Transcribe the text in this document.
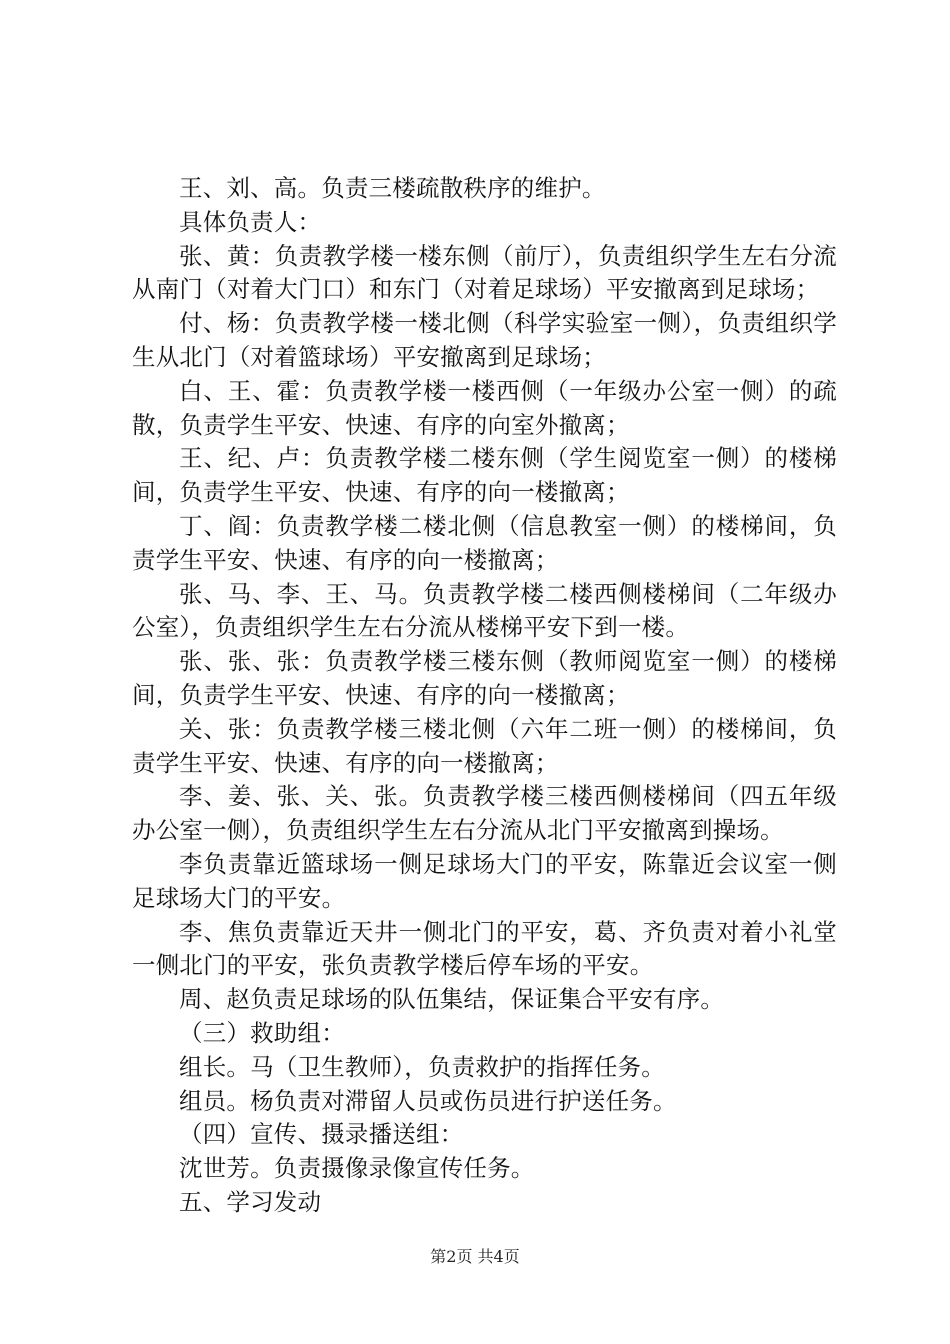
王、刘、高。负责三楼疏散秩序的维护。

具体负责人：

张、黄：负责教学楼一楼东侧（前厅），负责组织学生左右分流从南门（对着大门口）和东门（对着足球场）平安撤离到足球场；

付、杨：负责教学楼一楼北侧（科学实验室一侧），负责组织学生从北门（对着篮球场）平安撤离到足球场；

白、王、霍：负责教学楼一楼西侧（一年级办公室一侧）的疏散，负责学生平安、快速、有序的向室外撤离；

王、纪、卢：负责教学楼二楼东侧（学生阅览室一侧）的楼梯间，负责学生平安、快速、有序的向一楼撤离；

丁、阎：负责教学楼二楼北侧（信息教室一侧）的楼梯间，负责学生平安、快速、有序的向一楼撤离；

张、马、李、王、马。负责教学楼二楼西侧楼梯间（二年级办公室），负责组织学生左右分流从楼梯平安下到一楼。

张、张、张：负责教学楼三楼东侧（教师阅览室一侧）的楼梯间，负责学生平安、快速、有序的向一楼撤离；

关、张：负责教学楼三楼北侧（六年二班一侧）的楼梯间，负责学生平安、快速、有序的向一楼撤离；

李、姜、张、关、张。负责教学楼三楼西侧楼梯间（四五年级办公室一侧），负责组织学生左右分流从北门平安撤离到操场。

李负责靠近篮球场一侧足球场大门的平安，陈靠近会议室一侧足球场大门的平安。

李、焦负责靠近天井一侧北门的平安，葛、齐负责对着小礼堂一侧北门的平安，张负责教学楼后停车场的平安。

周、赵负责足球场的队伍集结，保证集合平安有序。

（三）救助组：

组长。马（卫生教师），负责救护的指挥任务。

组员。杨负责对滞留人员或伤员进行护送任务。

（四）宣传、摄录播送组：

沈世芳。负责摄像录像宣传任务。

五、学习发动

第2页 共4页
